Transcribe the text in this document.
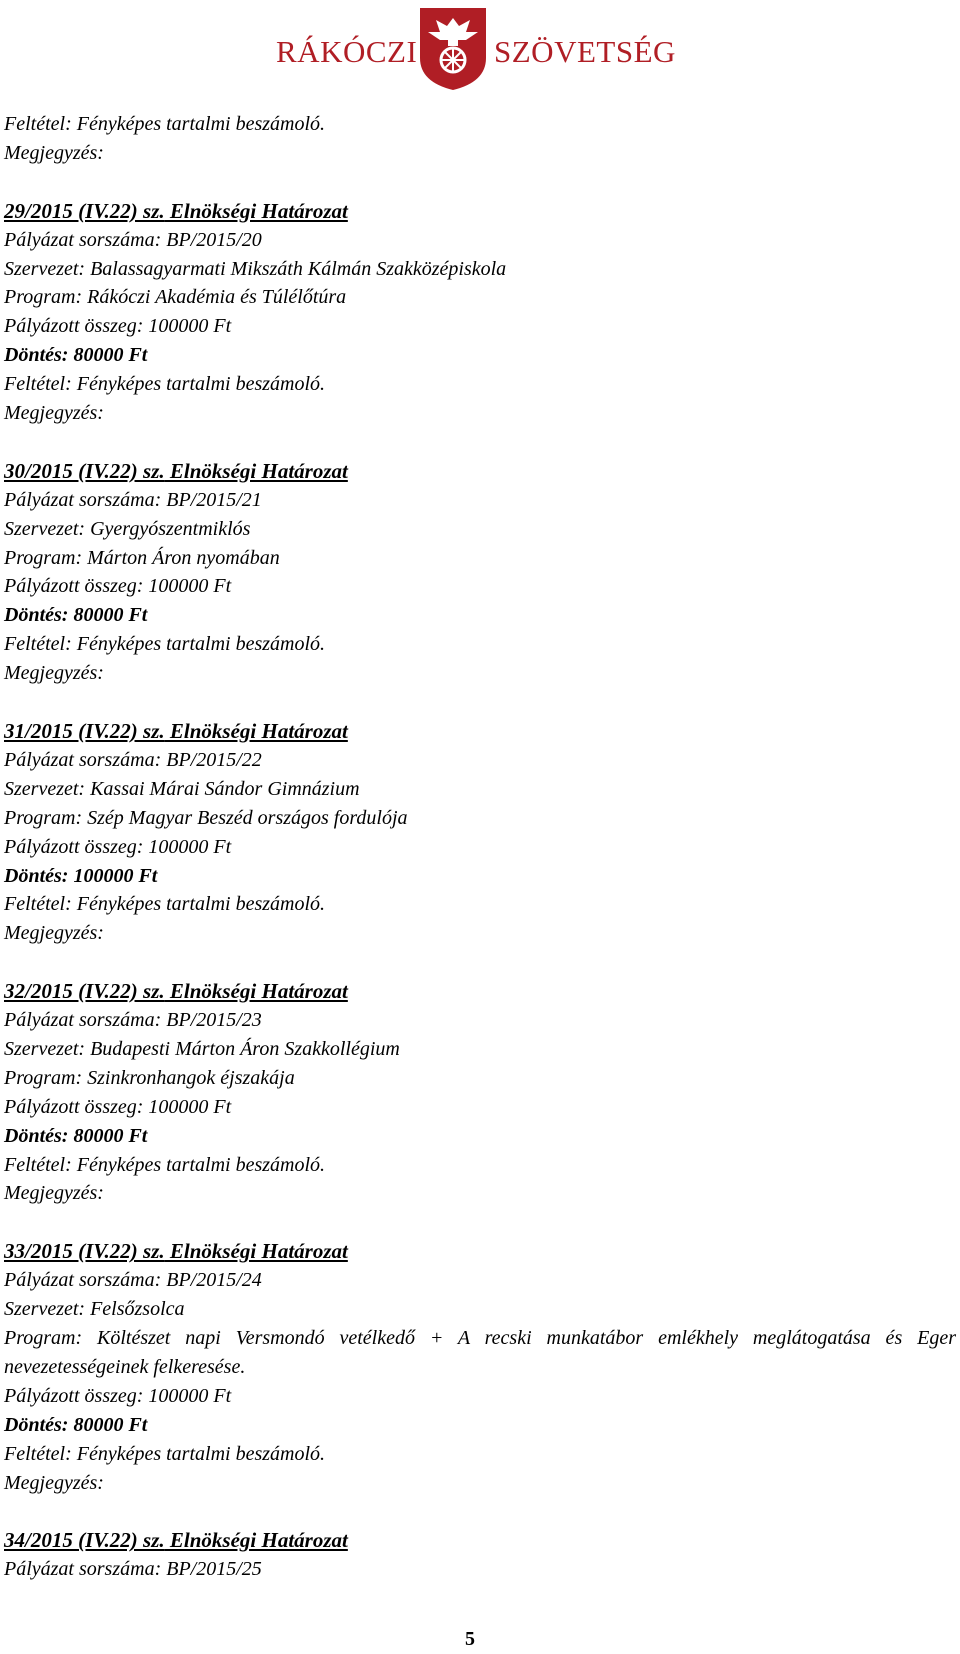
RÁKÓCZI SZÖVETSÉG
Feltétel: Fényképes tartalmi beszámoló.
Megjegyzés:
29/2015 (IV.22) sz. Elnökségi Határozat
Pályázat sorszáma: BP/2015/20
Szervezet: Balassagyarmati Mikszáth Kálmán Szakközépiskola
Program: Rákóczi Akadémia és Túlélőtúra
Pályázott összeg: 100000 Ft
Döntés: 80000 Ft
Feltétel: Fényképes tartalmi beszámoló.
Megjegyzés:
30/2015 (IV.22) sz. Elnökségi Határozat
Pályázat sorszáma: BP/2015/21
Szervezet: Gyergyószentmiklós
Program: Márton Áron nyomában
Pályázott összeg: 100000 Ft
Döntés: 80000 Ft
Feltétel: Fényképes tartalmi beszámoló.
Megjegyzés:
31/2015 (IV.22) sz. Elnökségi Határozat
Pályázat sorszáma: BP/2015/22
Szervezet: Kassai Márai Sándor Gimnázium
Program: Szép Magyar Beszéd országos fordulója
Pályázott összeg: 100000 Ft
Döntés: 100000 Ft
Feltétel: Fényképes tartalmi beszámoló.
Megjegyzés:
32/2015 (IV.22) sz. Elnökségi Határozat
Pályázat sorszáma: BP/2015/23
Szervezet: Budapesti Márton Áron Szakkollégium
Program: Szinkronhangok éjszakája
Pályázott összeg: 100000 Ft
Döntés: 80000 Ft
Feltétel: Fényképes tartalmi beszámoló.
Megjegyzés:
33/2015 (IV.22) sz. Elnökségi Határozat
Pályázat sorszáma: BP/2015/24
Szervezet: Felsőzsolca
Program: Költészet napi Versmondó vetélkedő + A recski munkatábor emlékhely meglátogatása és Eger nevezetességeinek felkeresése.
Pályázott összeg: 100000 Ft
Döntés: 80000 Ft
Feltétel: Fényképes tartalmi beszámoló.
Megjegyzés:
34/2015 (IV.22) sz. Elnökségi Határozat
Pályázat sorszáma: BP/2015/25
5
